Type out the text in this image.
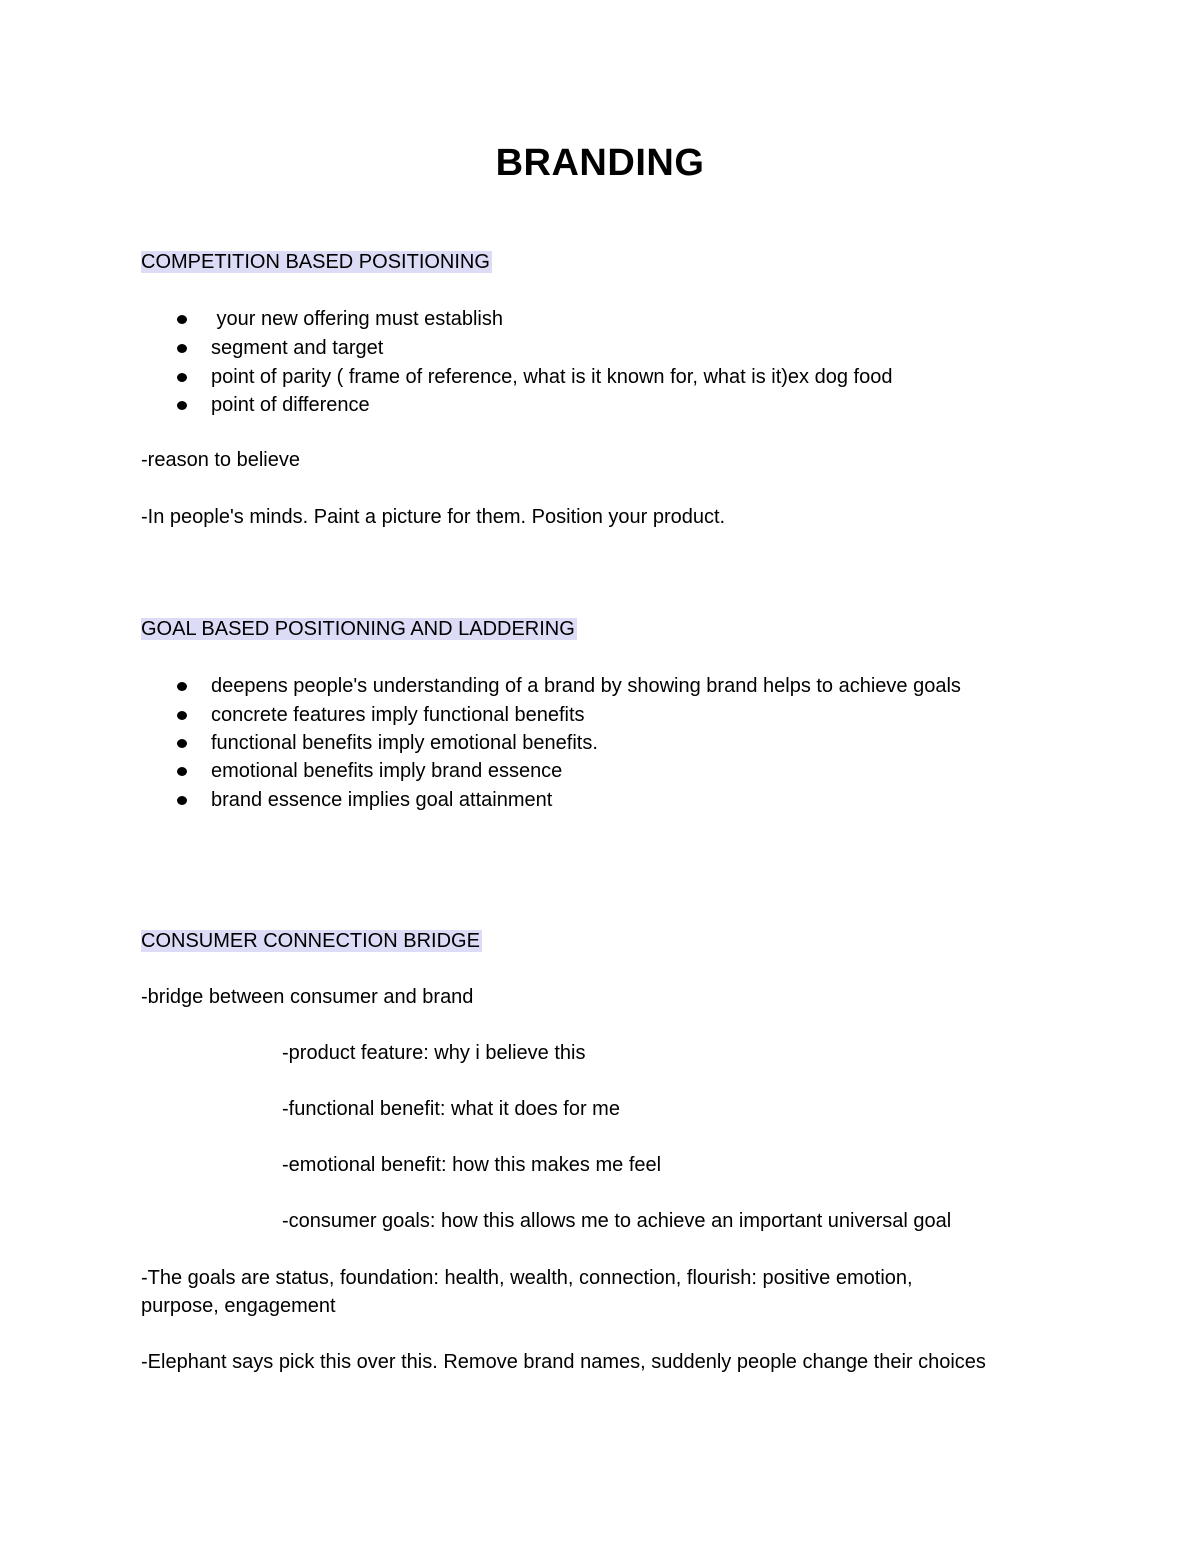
BRANDING
COMPETITION BASED POSITIONING
your new offering must establish
segment and target
point of parity ( frame of reference, what is it known for, what is it)ex dog food
point of difference
-reason to believe
-In people's minds. Paint a picture for them. Position your product.
GOAL BASED POSITIONING AND LADDERING
deepens people's understanding of a brand by showing brand helps to achieve goals
concrete features imply functional benefits
functional benefits imply emotional benefits.
emotional benefits imply brand essence
brand essence implies goal attainment
CONSUMER CONNECTION BRIDGE
-bridge between consumer and brand
-product feature: why i believe this
-functional benefit: what it does for me
-emotional benefit: how this makes me feel
-consumer goals: how this allows me to achieve an important universal goal
-The goals are status, foundation: health, wealth, connection, flourish: positive emotion,
purpose, engagement
-Elephant says pick this over this. Remove brand names, suddenly people change their choices
